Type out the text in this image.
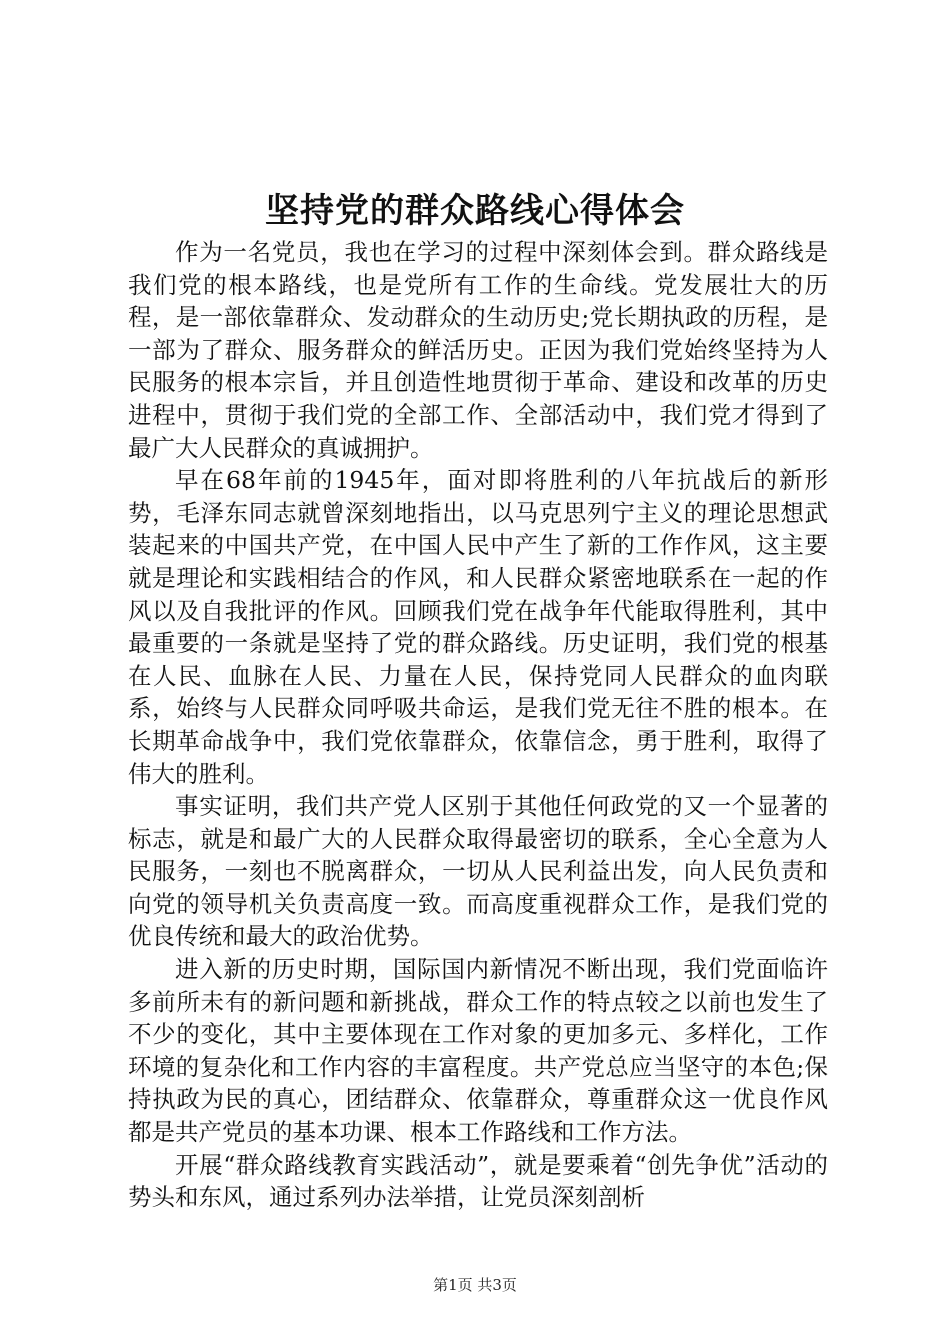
坚持党的群众路线心得体会

作为一名党员，我也在学习的过程中深刻体会到。群众路线是我们党的根本路线，也是党所有工作的生命线。党发展壮大的历程，是一部依靠群众、发动群众的生动历史;党长期执政的历程，是一部为了群众、服务群众的鲜活历史。正因为我们党始终坚持为人民服务的根本宗旨，并且创造性地贯彻于革命、建设和改革的历史进程中，贯彻于我们党的全部工作、全部活动中，我们党才得到了最广大人民群众的真诚拥护。

早在68年前的1945年，面对即将胜利的八年抗战后的新形势，毛泽东同志就曾深刻地指出，以马克思列宁主义的理论思想武装起来的中国共产党，在中国人民中产生了新的工作作风，这主要就是理论和实践相结合的作风，和人民群众紧密地联系在一起的作风以及自我批评的作风。回顾我们党在战争年代能取得胜利，其中最重要的一条就是坚持了党的群众路线。历史证明，我们党的根基在人民、血脉在人民、力量在人民，保持党同人民群众的血肉联系，始终与人民群众同呼吸共命运，是我们党无往不胜的根本。在长期革命战争中，我们党依靠群众，依靠信念，勇于胜利，取得了伟大的胜利。

事实证明，我们共产党人区别于其他任何政党的又一个显著的标志，就是和最广大的人民群众取得最密切的联系，全心全意为人民服务，一刻也不脱离群众，一切从人民利益出发，向人民负责和向党的领导机关负责高度一致。而高度重视群众工作，是我们党的优良传统和最大的政治优势。

进入新的历史时期，国际国内新情况不断出现，我们党面临许多前所未有的新问题和新挑战，群众工作的特点较之以前也发生了不少的变化，其中主要体现在工作对象的更加多元、多样化，工作环境的复杂化和工作内容的丰富程度。共产党总应当坚守的本色;保持执政为民的真心，团结群众、依靠群众，尊重群众这一优良作风都是共产党员的基本功课、根本工作路线和工作方法。

开展“群众路线教育实践活动”，就是要乘着“创先争优”活动的势头和东风，通过系列办法举措，让党员深刻剖析

第1页 共3页
